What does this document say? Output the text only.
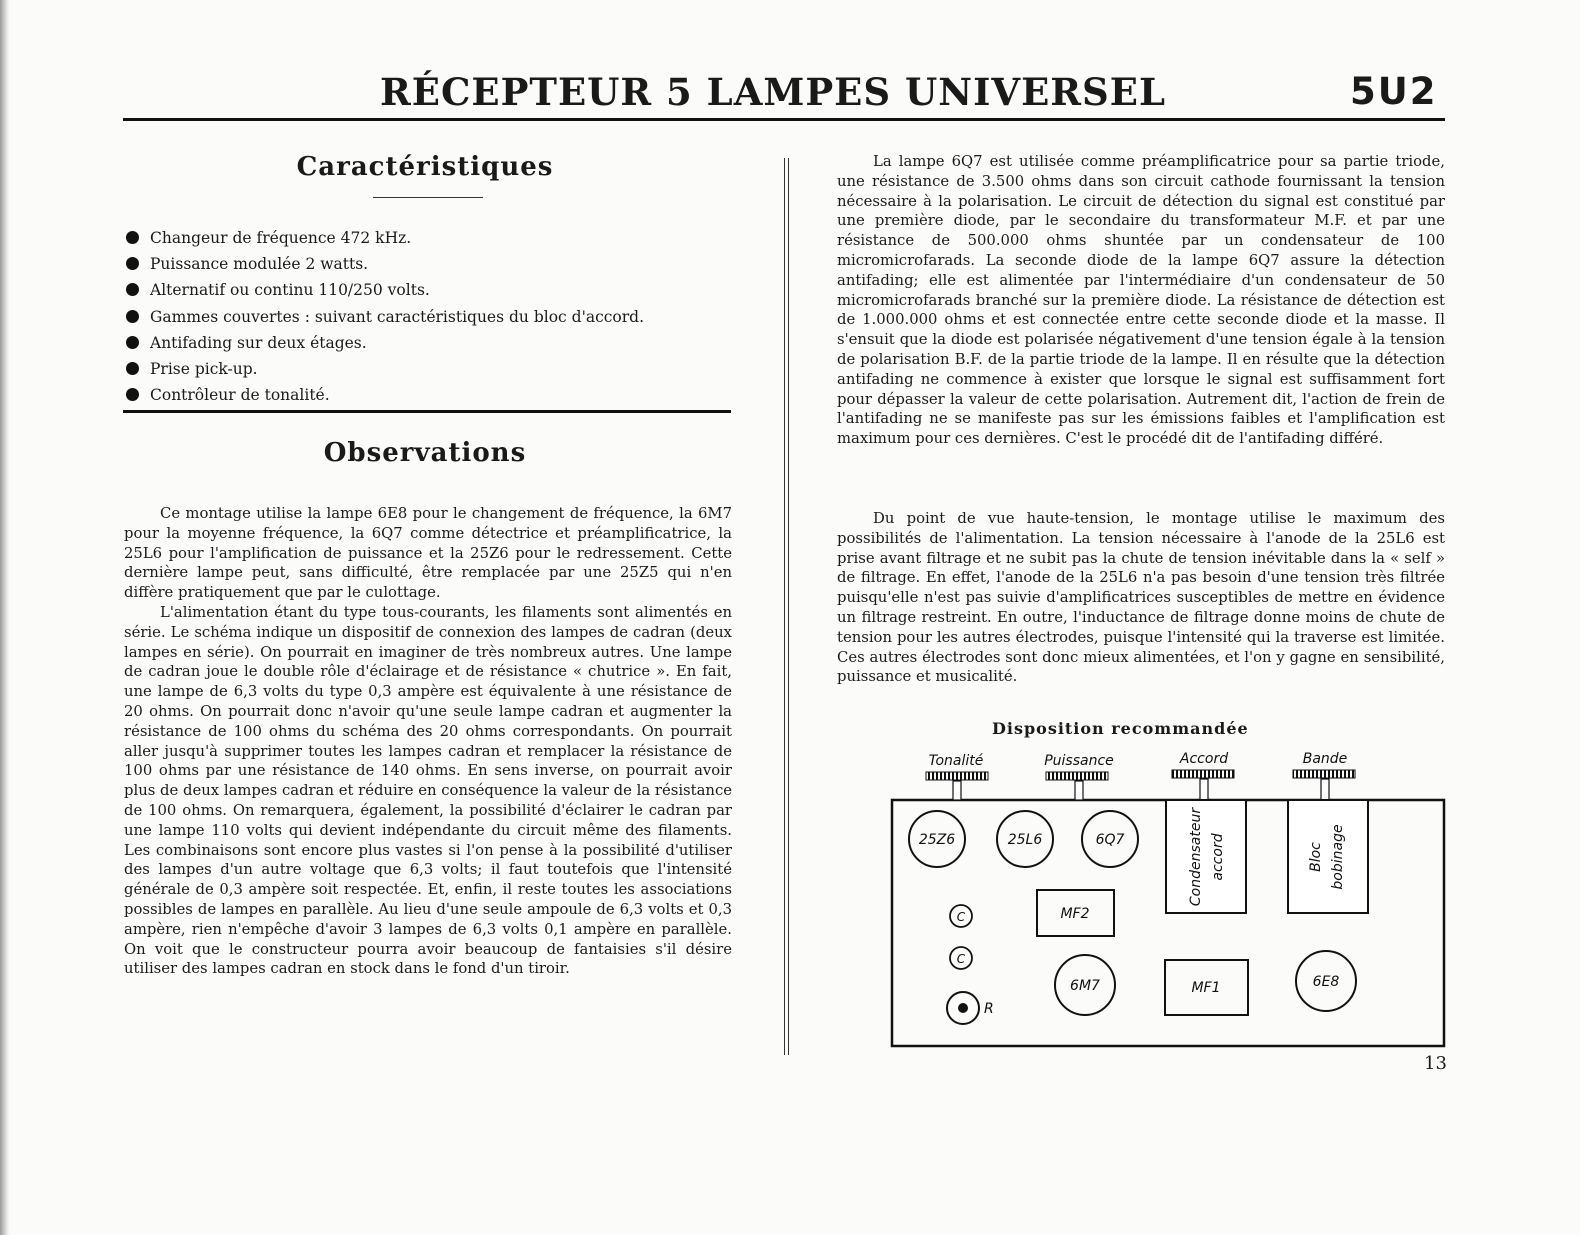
RÉCEPTEUR 5 LAMPES UNIVERSEL	5U2
Caractéristiques
Changeur de fréquence 472 kHz.
Puissance modulée 2 watts.
Alternatif ou continu 110/250 volts.
Gammes couvertes : suivant caractéristiques du bloc d'accord.
Antifading sur deux étages.
Prise pick-up.
Contrôleur de tonalité.
Observations
Ce montage utilise la lampe 6E8 pour le changement de fréquence, la 6M7 pour la moyenne fréquence, la 6Q7 comme détectrice et préamplificatrice, la 25L6 pour l'amplification de puissance et la 25Z6 pour le redressement. Cette dernière lampe peut, sans difficulté, être remplacée par une 25Z5 qui n'en diffère pratiquement que par le culottage.
L'alimentation étant du type tous-courants, les filaments sont alimentés en série. Le schéma indique un dispositif de connexion des lampes de cadran (deux lampes en série). On pourrait en imaginer de très nombreux autres. Une lampe de cadran joue le double rôle d'éclairage et de résistance « chutrice ». En fait, une lampe de 6,3 volts du type 0,3 ampère est équivalente à une résistance de 20 ohms. On pourrait donc n'avoir qu'une seule lampe cadran et augmenter la résistance de 100 ohms du schéma des 20 ohms correspondants. On pourrait aller jusqu'à supprimer toutes les lampes cadran et remplacer la résistance de 100 ohms par une résistance de 140 ohms. En sens inverse, on pourrait avoir plus de deux lampes cadran et réduire en conséquence la valeur de la résistance de 100 ohms. On remarquera, également, la possibilité d'éclairer le cadran par une lampe 110 volts qui devient indépendante du circuit même des filaments. Les combinaisons sont encore plus vastes si l'on pense à la possibilité d'utiliser des lampes d'un autre voltage que 6,3 volts; il faut toutefois que l'intensité générale de 0,3 ampère soit respectée. Et, enfin, il reste toutes les associations possibles de lampes en parallèle. Au lieu d'une seule ampoule de 6,3 volts et 0,3 ampère, rien n'empêche d'avoir 3 lampes de 6,3 volts 0,1 ampère en parallèle. On voit que le constructeur pourra avoir beaucoup de fantaisies s'il désire utiliser des lampes cadran en stock dans le fond d'un tiroir.
La lampe 6Q7 est utilisée comme préamplificatrice pour sa partie triode, une résistance de 3.500 ohms dans son circuit cathode fournissant la tension nécessaire à la polarisation. Le circuit de détection du signal est constitué par une première diode, par le secondaire du transformateur M.F. et par une résistance de 500.000 ohms shuntée par un condensateur de 100 micromicrofarads. La seconde diode de la lampe 6Q7 assure la détection antifading; elle est alimentée par l'intermédiaire d'un condensateur de 50 micromicrofarads branché sur la première diode. La résistance de détection est de 1.000.000 ohms et est connectée entre cette seconde diode et la masse. Il s'ensuit que la diode est polarisée négativement d'une tension égale à la tension de polarisation B.F. de la partie triode de la lampe. Il en résulte que la détection antifading ne commence à exister que lorsque le signal est suffisamment fort pour dépasser la valeur de cette polarisation. Autrement dit, l'action de frein de l'antifading ne se manifeste pas sur les émissions faibles et l'amplification est maximum pour ces dernières. C'est le procédé dit de l'antifading différé.
Du point de vue haute-tension, le montage utilise le maximum des possibilités de l'alimentation. La tension nécessaire à l'anode de la 25L6 est prise avant filtrage et ne subit pas la chute de tension inévitable dans la « self » de filtrage. En effet, l'anode de la 25L6 n'a pas besoin d'une tension très filtrée puisqu'elle n'est pas suivie d'amplificatrices susceptibles de mettre en évidence un filtrage restreint. En outre, l'inductance de filtrage donne moins de chute de tension pour les autres électrodes, puisque l'intensité qui la traverse est limitée. Ces autres électrodes sont donc mieux alimentées, et l'on y gagne en sensibilité, puissance et musicalité.
Disposition recommandée
Tonalité	Puissance	Accord	Bande
25Z6	25L6	6Q7	Condensateur accord	Bloc bobinage
MF2
C
C
R
6M7	MF1	6E8
13
